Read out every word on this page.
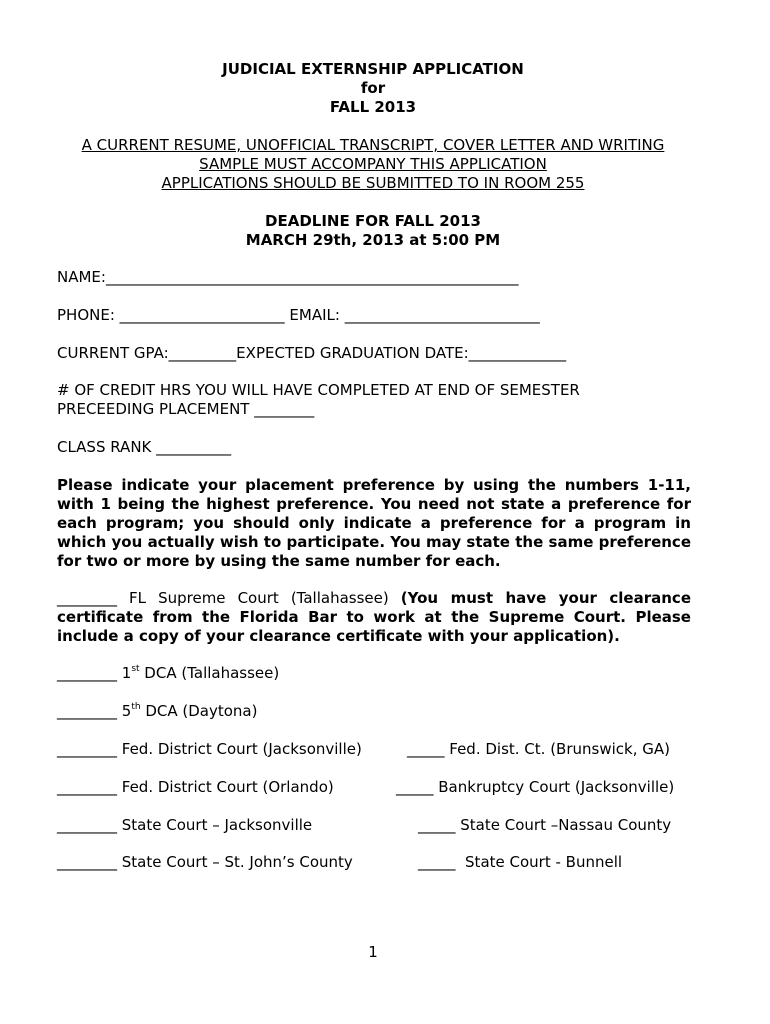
JUDICIAL EXTERNSHIP APPLICATION
for
FALL 2013
A CURRENT RESUME, UNOFFICIAL TRANSCRIPT, COVER LETTER AND WRITING
SAMPLE MUST ACCOMPANY THIS APPLICATION
APPLICATIONS SHOULD BE SUBMITTED TO IN ROOM 255
DEADLINE FOR FALL 2013
MARCH 29th, 2013 at 5:00 PM
NAME:_______________________________________________________
PHONE: ______________________ EMAIL: __________________________
CURRENT GPA:_________EXPECTED GRADUATION DATE:_____________
# OF CREDIT HRS YOU WILL HAVE COMPLETED AT END OF SEMESTER
PRECEEDING PLACEMENT ________
CLASS RANK __________
Please indicate your placement preference by using the numbers 1-11, with 1 being the highest preference. You need not state a preference for each program; you should only indicate a preference for a program in which you actually wish to participate. You may state the same preference for two or more by using the same number for each.
________ FL Supreme Court (Tallahassee) (You must have your clearance certificate from the Florida Bar to work at the Supreme Court. Please include a copy of your clearance certificate with your application).
________ 1st DCA (Tallahassee)
________ 5th DCA (Daytona)
________ Fed. District Court (Jacksonville)	_____ Fed. Dist. Ct. (Brunswick, GA)
________ Fed. District Court (Orlando)	_____ Bankruptcy Court (Jacksonville)
________ State Court – Jacksonville	_____ State Court –Nassau County
________ State Court – St. John’s County	_____  State Court - Bunnell
1
